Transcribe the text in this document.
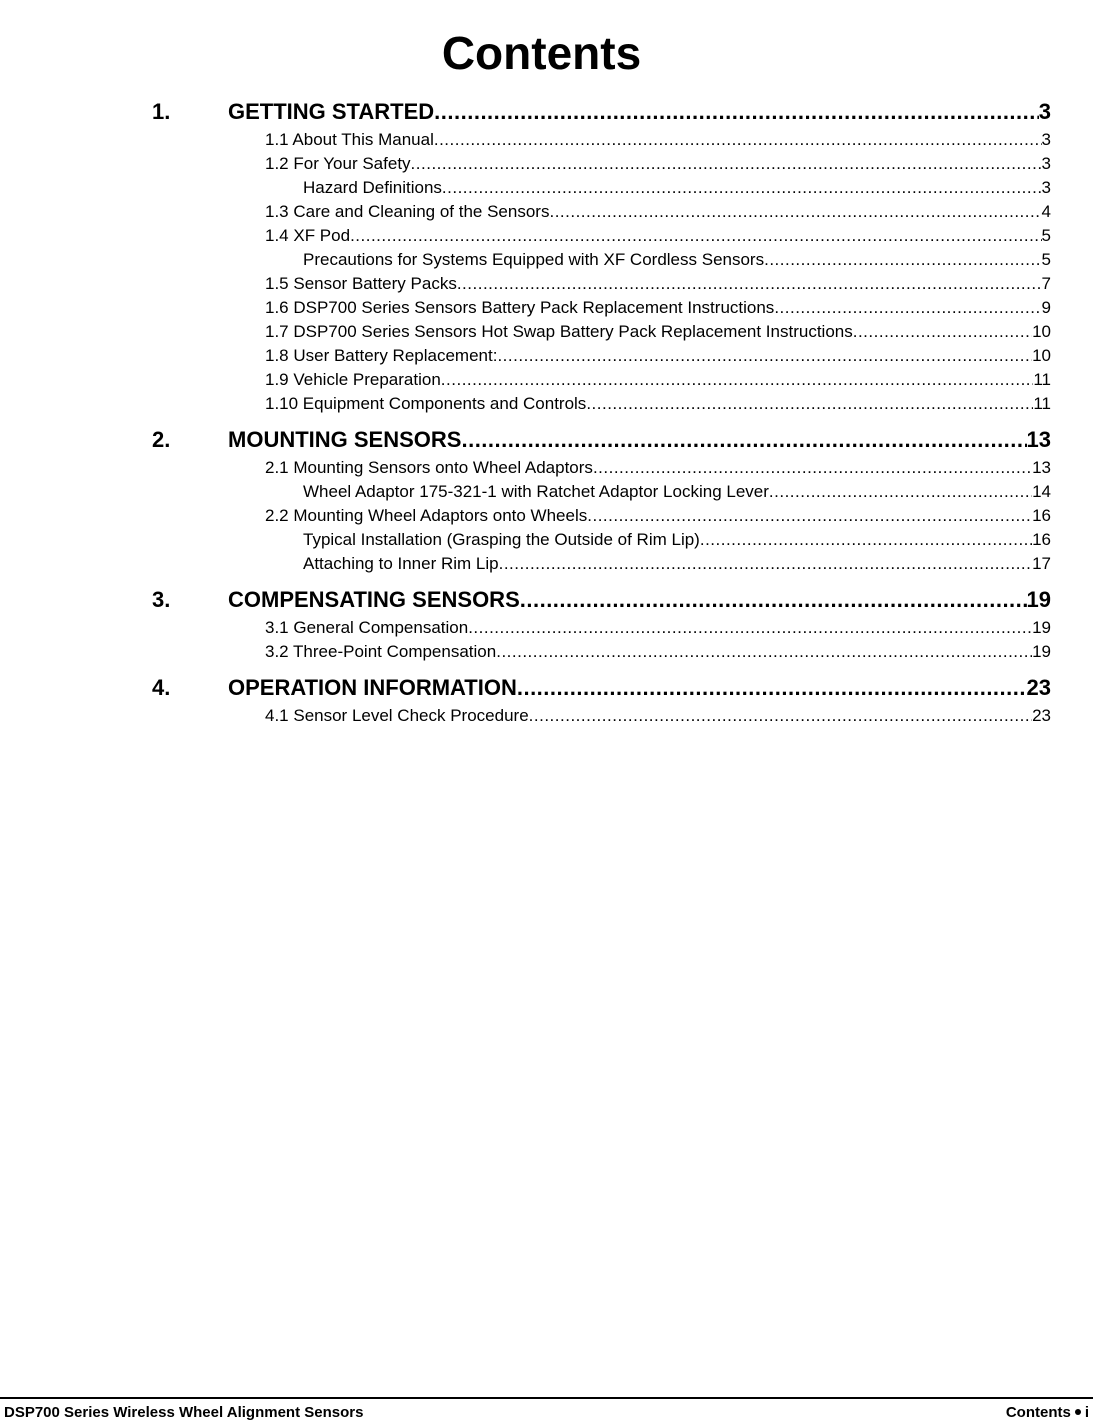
Contents
1.	GETTING STARTED .....	3
1.1 About This Manual .....	3
1.2 For Your Safety .....	3
Hazard Definitions .....	3
1.3 Care and Cleaning of the Sensors .....	4
1.4 XF Pod .....	5
Precautions for Systems Equipped with XF Cordless Sensors .....	5
1.5 Sensor Battery Packs .....	7
1.6 DSP700 Series Sensors Battery Pack Replacement Instructions .....	9
1.7 DSP700 Series Sensors Hot Swap Battery Pack Replacement Instructions .....	10
1.8 User Battery Replacement: .....	10
1.9 Vehicle Preparation .....	11
1.10 Equipment Components and Controls .....	11
2.	MOUNTING SENSORS .....	13
2.1 Mounting Sensors onto Wheel Adaptors .....	13
Wheel Adaptor 175-321-1 with Ratchet Adaptor Locking Lever .....	14
2.2 Mounting Wheel Adaptors onto Wheels .....	16
Typical Installation (Grasping the Outside of Rim Lip) .....	16
Attaching to Inner Rim Lip .....	17
3.	COMPENSATING SENSORS .....	19
3.1 General Compensation .....	19
3.2 Three-Point Compensation .....	19
4.	OPERATION INFORMATION .....	23
4.1 Sensor Level Check Procedure .....	23
DSP700 Series Wireless Wheel Alignment Sensors	Contents i
